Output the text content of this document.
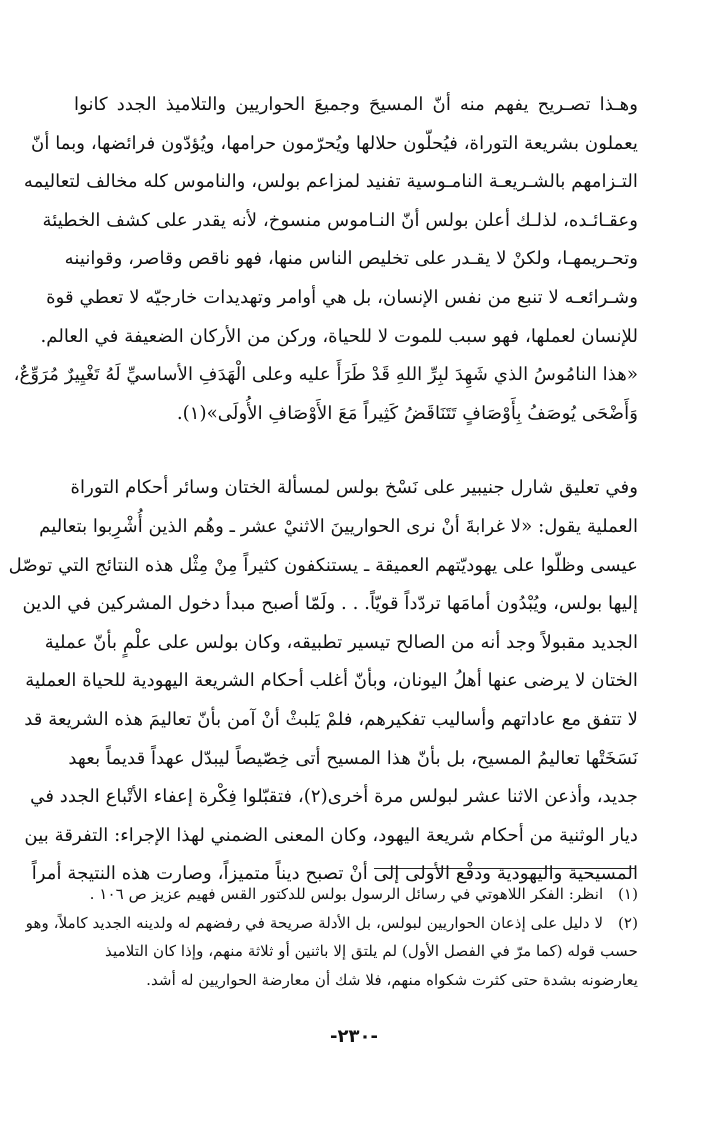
وهـذا تصـريح يفهم منه أنّ المسيحَ وجميعَ الحواريين والتلاميذ الجدد كانوا
يعملون بشريعة التوراة، فيُحلّون حلالها ويُحرّمون حرامها، ويُؤدّون فرائضها، وبما أنّ
التـزامهم بالشـريعـة النامـوسية تفنيد لمزاعم بولس، والناموس كله مخالف لتعاليمه
وعقـائـده، لذلـك أعلن بولس أنّ النـاموس منسوخ، لأنه يقدر على كشف الخطيئة
وتحـريمهـا، ولكنْ لا يقـدر على تخليص الناس منها، فهو ناقص وقاصر، وقوانينه
وشـرائعـه لا تنبع من نفس الإنسان، بل هي أوامر وتهديدات خارجيّه لا تعطي قوة
للإنسان لعملها، فهو سبب للموت لا للحياة، وركن من الأركان الضعيفة في العالم.
«هذا النامُوسُ الذي شَهِدَ لبِرِّ اللهِ قَدْ طَرَأَ عليه وعلى الْهَدَفِ الأساسيِّ لَهُ تَغْيِيرٌ مُرَوِّعٌ،
وَأَضْحَى يُوصَفُ بِأَوْصَافٍ تَتَنَاقَضُ كَثِيراً مَعَ الأَوْصَافِ الأُولَى»(١).
وفي تعليق شارل جنيبير على نَسْخ بولس لمسألة الختان وسائر أحكام التوراة
العملية يقول: «لا غرابةَ أنْ نرى الحواريينَ الاثنيْ عشر ـ وهُم الذين أُشْرِبوا بتعاليم
عيسى وظلّوا على يهوديّتهم العميقة ـ يستنكفون كثيراً مِنْ مِثْل هذه النتائج التي توصّل
إليها بولس، ويُبْدُون أمامَها تردّداً قويّاً. . . ولَمّا أصبح مبدأ دخول المشركين في الدين
الجديد مقبولاً وجد أنه من الصالح تيسير تطبيقه، وكان بولس على علْمٍ بأنّ عملية
الختان لا يرضى عنها أهلُ اليونان، وبأنّ أغلب أحكام الشريعة اليهودية للحياة العملية
لا تتفق مع عاداتهم وأساليب تفكيرهم، فلمْ يَلبثْ أنْ آمن بأنّ تعاليمَ هذه الشريعة قد
نَسَخَتْها تعاليمُ المسيح، بل بأنّ هذا المسيح أتى خِصّيصاً ليبدّل عهداً قديماً بعهد
جديد، وأذعن الاثنا عشر لبولس مرة أخرى(٢)، فتقبّلوا فِكْرة إعفاء الأتْباع الجدد في
ديار الوثنية من أحكام شريعة اليهود، وكان المعنى الضمني لهذا الإجراء: التفرقة بين
المسيحية واليهودية ودفْع الأولى إلى أنْ تصبح ديناً متميزاً، وصارت هذه النتيجة أمراً
(١) انظر: الفكر اللاهوتي في رسائل الرسول بولس للدكتور القس فهيم عزيز ص ١٠٦ .
(٢) لا دليل على إذعان الحواريين لبولس، بل الأدلة صريحة في رفضهم له ولدينه الجديد كاملاً، وهو
حسب قوله (كما مرّ في الفصل الأول) لم يلتق إلا باثنين أو ثلاثة منهم، وإذا كان التلاميذ
يعارضونه بشدة حتى كثرت شكواه منهم، فلا شك أن معارضة الحواريين له أشد.
-٢٣٠-
